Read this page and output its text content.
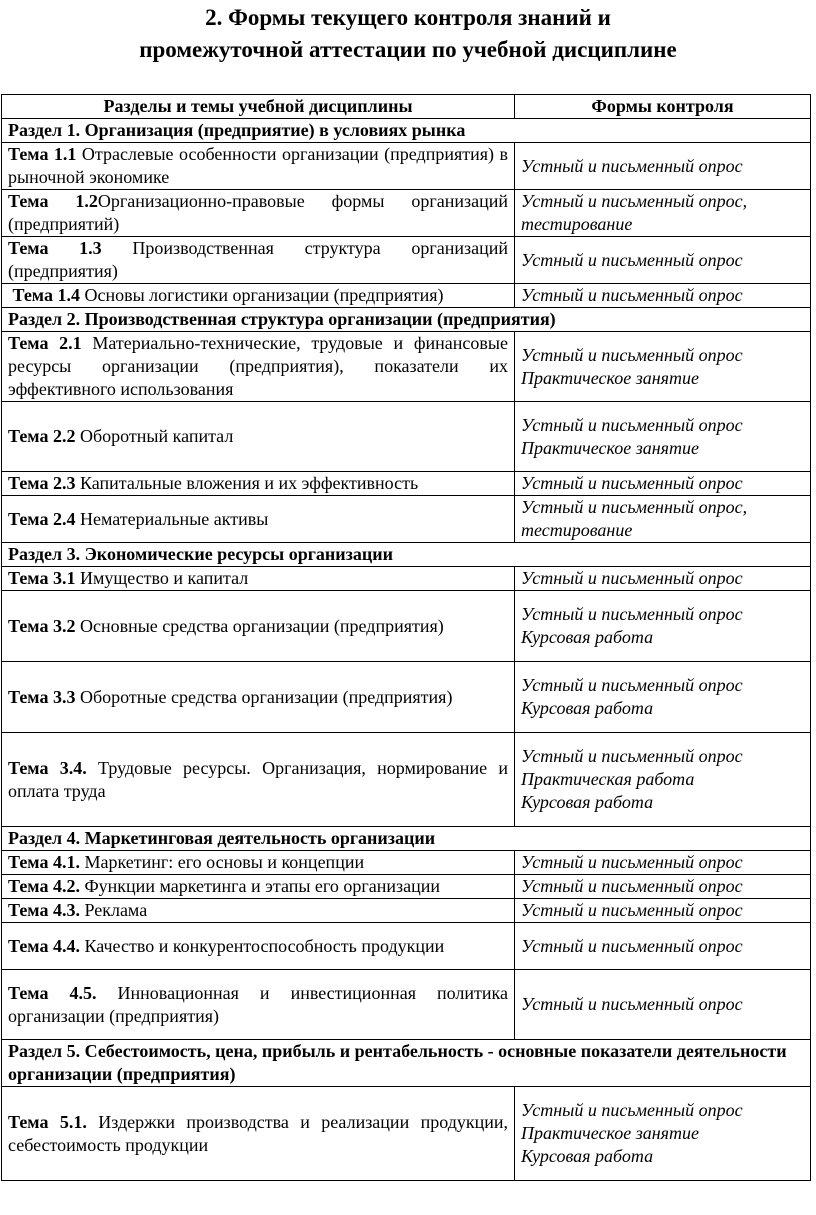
2. Формы текущего контроля знаний и
промежуточной аттестации по учебной дисциплине
Разделы и темы учебной дисциплины	Формы контроля
Раздел 1. Организация (предприятие) в условиях рынка	
Тема 1.1 Отраслевые особенности организации (предприятия) в рыночной экономике	Устный и письменный опрос

Тема 1.2Организационно-правовые формы организаций (предприятий)	Устный и письменный опрос,
тестирование

Тема 1.3 Производственная структура организаций (предприятия)	Устный и письменный опрос

Тема 1.4 Основы логистики организации (предприятия)	Устный и письменный опрос

Раздел 2. Производственная структура организации (предприятия)	
Тема 2.1 Материально-технические, трудовые и финансовые ресурсы организации (предприятия), показатели их эффективного использования	Устный и письменный опрос
Практическое занятие

Тема 2.2 Оборотный капитал	Устный и письменный опрос
Практическое занятие

Тема 2.3 Капитальные вложения и их эффективность	Устный и письменный опрос

Тема 2.4 Нематериальные активы	Устный и письменный опрос,
тестирование

Раздел 3. Экономические ресурсы организации	
Тема 3.1 Имущество и капитал	Устный и письменный опрос

Тема 3.2 Основные средства организации (предприятия)	Устный и письменный опрос
Курсовая работа

Тема 3.3 Оборотные средства организации (предприятия)	Устный и письменный опрос
Курсовая работа

Тема 3.4. Трудовые ресурсы. Организация, нормирование и оплата труда	Устный и письменный опрос
Практическая работа
Курсовая работа

Раздел 4. Маркетинговая деятельность организации	
Тема 4.1. Маркетинг: его основы и концепции	Устный и письменный опрос

Тема 4.2. Функции маркетинга и этапы его организации	Устный и письменный опрос

Тема 4.3. Реклама	Устный и письменный опрос

Тема 4.4. Качество и конкурентоспособность продукции	Устный и письменный опрос

Тема 4.5. Инновационная и инвестиционная политика организации (предприятия)	Устный и письменный опрос

Раздел 5. Себестоимость, цена, прибыль и рентабельность - основные показатели деятельности организации (предприятия)	
Тема 5.1. Издержки производства и реализации продукции, себестоимость продукции	Устный и письменный опрос
Практическое занятие
Курсовая работа
